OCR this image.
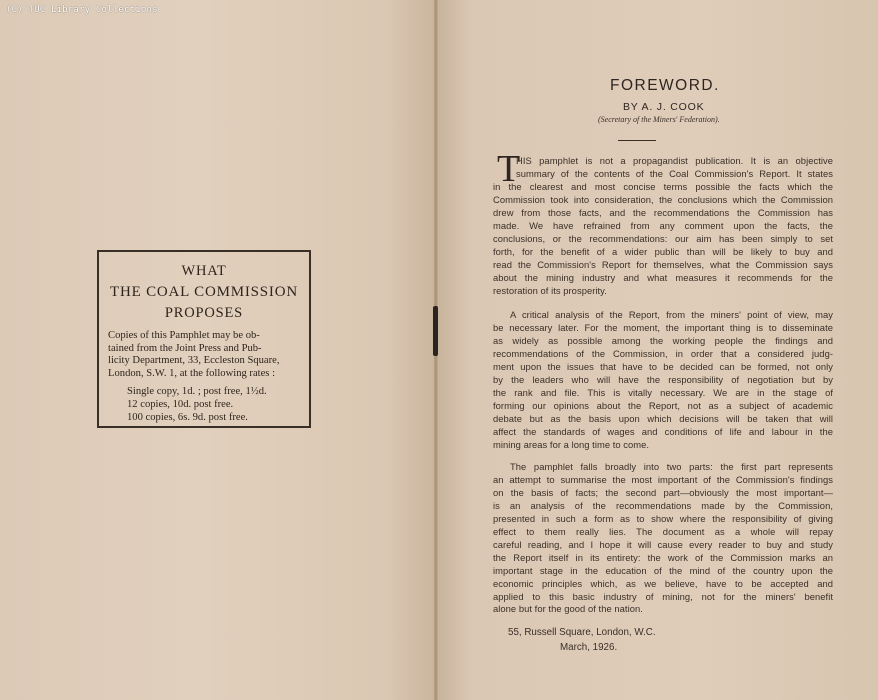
(C) TUC Library Collections
WHAT
THE COAL COMMISSION
PROPOSES
Copies of this Pamphlet may be ob-
tained from the Joint Press and Pub-
licity Department, 33, Eccleston Square,
London, S.W. 1, at the following rates :
Single copy, 1d. ; post free, 1½d.
12 copies, 10d. post free.
100 copies, 6s. 9d. post free.
FOREWORD.
BY A. J. COOK
(Secretary of the Miners' Federation).
T
HIS pamphlet is not a propagandist publication. It is an objective
summary of the contents of the Coal Commission's Report. It states
in the clearest and most concise terms possible the facts which the
Commission took into consideration, the conclusions which the Commission
drew from those facts, and the recommendations the Commission has
made. We have refrained from any comment upon the facts, the
conclusions, or the recommendations: our aim has been simply to set
forth, for the benefit of a wider public than will be likely to buy and
read the Commission's Report for themselves, what the Commission says
about the mining industry and what measures it recommends for the
restoration of its prosperity.
A critical analysis of the Report, from the miners' point of view, may
be necessary later. For the moment, the important thing is to disseminate
as widely as possible among the working people the findings and
recommendations of the Commission, in order that a considered judg-
ment upon the issues that have to be decided can be formed, not only
by the leaders who will have the responsibility of negotiation but by
the rank and file. This is vitally necessary. We are in the stage of
forming our opinions about the Report, not as a subject of academic
debate but as the basis upon which decisions will be taken that will
affect the standards of wages and conditions of life and labour in the
mining areas for a long time to come.
The pamphlet falls broadly into two parts: the first part represents
an attempt to summarise the most important of the Commission's findings
on the basis of facts; the second part—obviously the most important—
is an analysis of the recommendations made by the Commission,
presented in such a form as to show where the responsibility of giving
effect to them really lies. The document as a whole will repay
careful reading, and I hope it will cause every reader to buy and study
the Report itself in its entirety: the work of the Commission marks an
important stage in the education of the mind of the country upon the
economic principles which, as we believe, have to be accepted and
applied to this basic industry of mining, not for the miners' benefit
alone but for the good of the nation.
55, Russell Square, London, W.C.
March, 1926.
